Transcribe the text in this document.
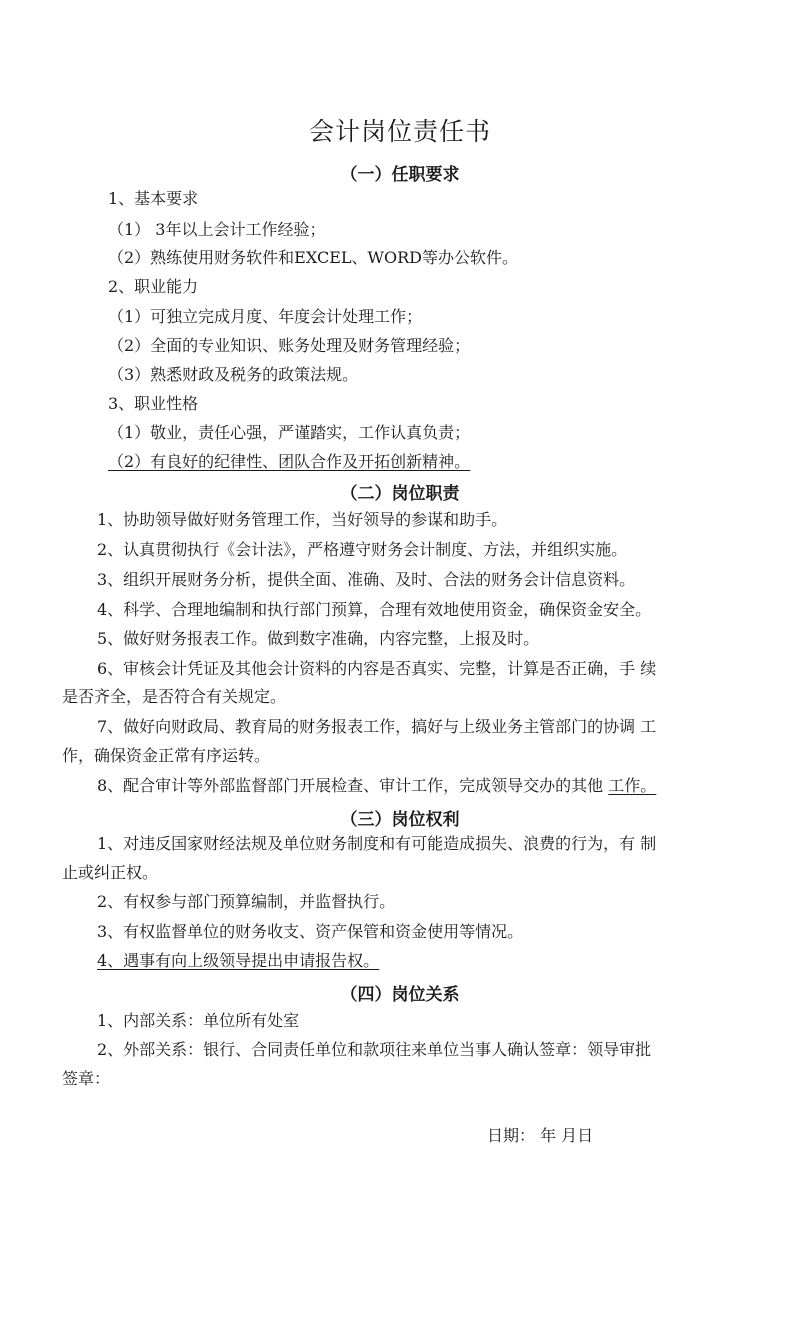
会计岗位责任书
（一）任职要求
1、基本要求
（1） 3年以上会计工作经验；
（2）熟练使用财务软件和EXCEL、WORD等办公软件。
2、职业能力
（1）可独立完成月度、年度会计处理工作；
（2）全面的专业知识、账务处理及财务管理经验；
（3）熟悉财政及税务的政策法规。
3、职业性格
（1）敬业，责任心强，严谨踏实，工作认真负责；
（2）有良好的纪律性、团队合作及开拓创新精神。
（二）岗位职责
1、协助领导做好财务管理工作，当好领导的参谋和助手。
2、认真贯彻执行《会计法》，严格遵守财务会计制度、方法，并组织实施。
3、组织开展财务分析，提供全面、准确、及时、合法的财务会计信息资料。
4、科学、合理地编制和执行部门预算，合理有效地使用资金，确保资金安全。
5、做好财务报表工作。做到数字准确，内容完整，上报及时。
6、审核会计凭证及其他会计资料的内容是否真实、完整，计算是否正确，手 续
是否齐全，是否符合有关规定。
7、做好向财政局、教育局的财务报表工作，搞好与上级业务主管部门的协调 工
作，确保资金正常有序运转。
8、配合审计等外部监督部门开展检查、审计工作，完成领导交办的其他 工作。
（三）岗位权利
1、对违反国家财经法规及单位财务制度和有可能造成损失、浪费的行为，有 制
止或纠正权。
2、有权参与部门预算编制，并监督执行。
3、有权监督单位的财务收支、资产保管和资金使用等情况。
4、遇事有向上级领导提出申请报告权。
（四）岗位关系
1、内部关系：单位所有处室
2、外部关系：银行、合同责任单位和款项往来单位当事人确认签章：领导审批
签章：
日期： 年 月日
